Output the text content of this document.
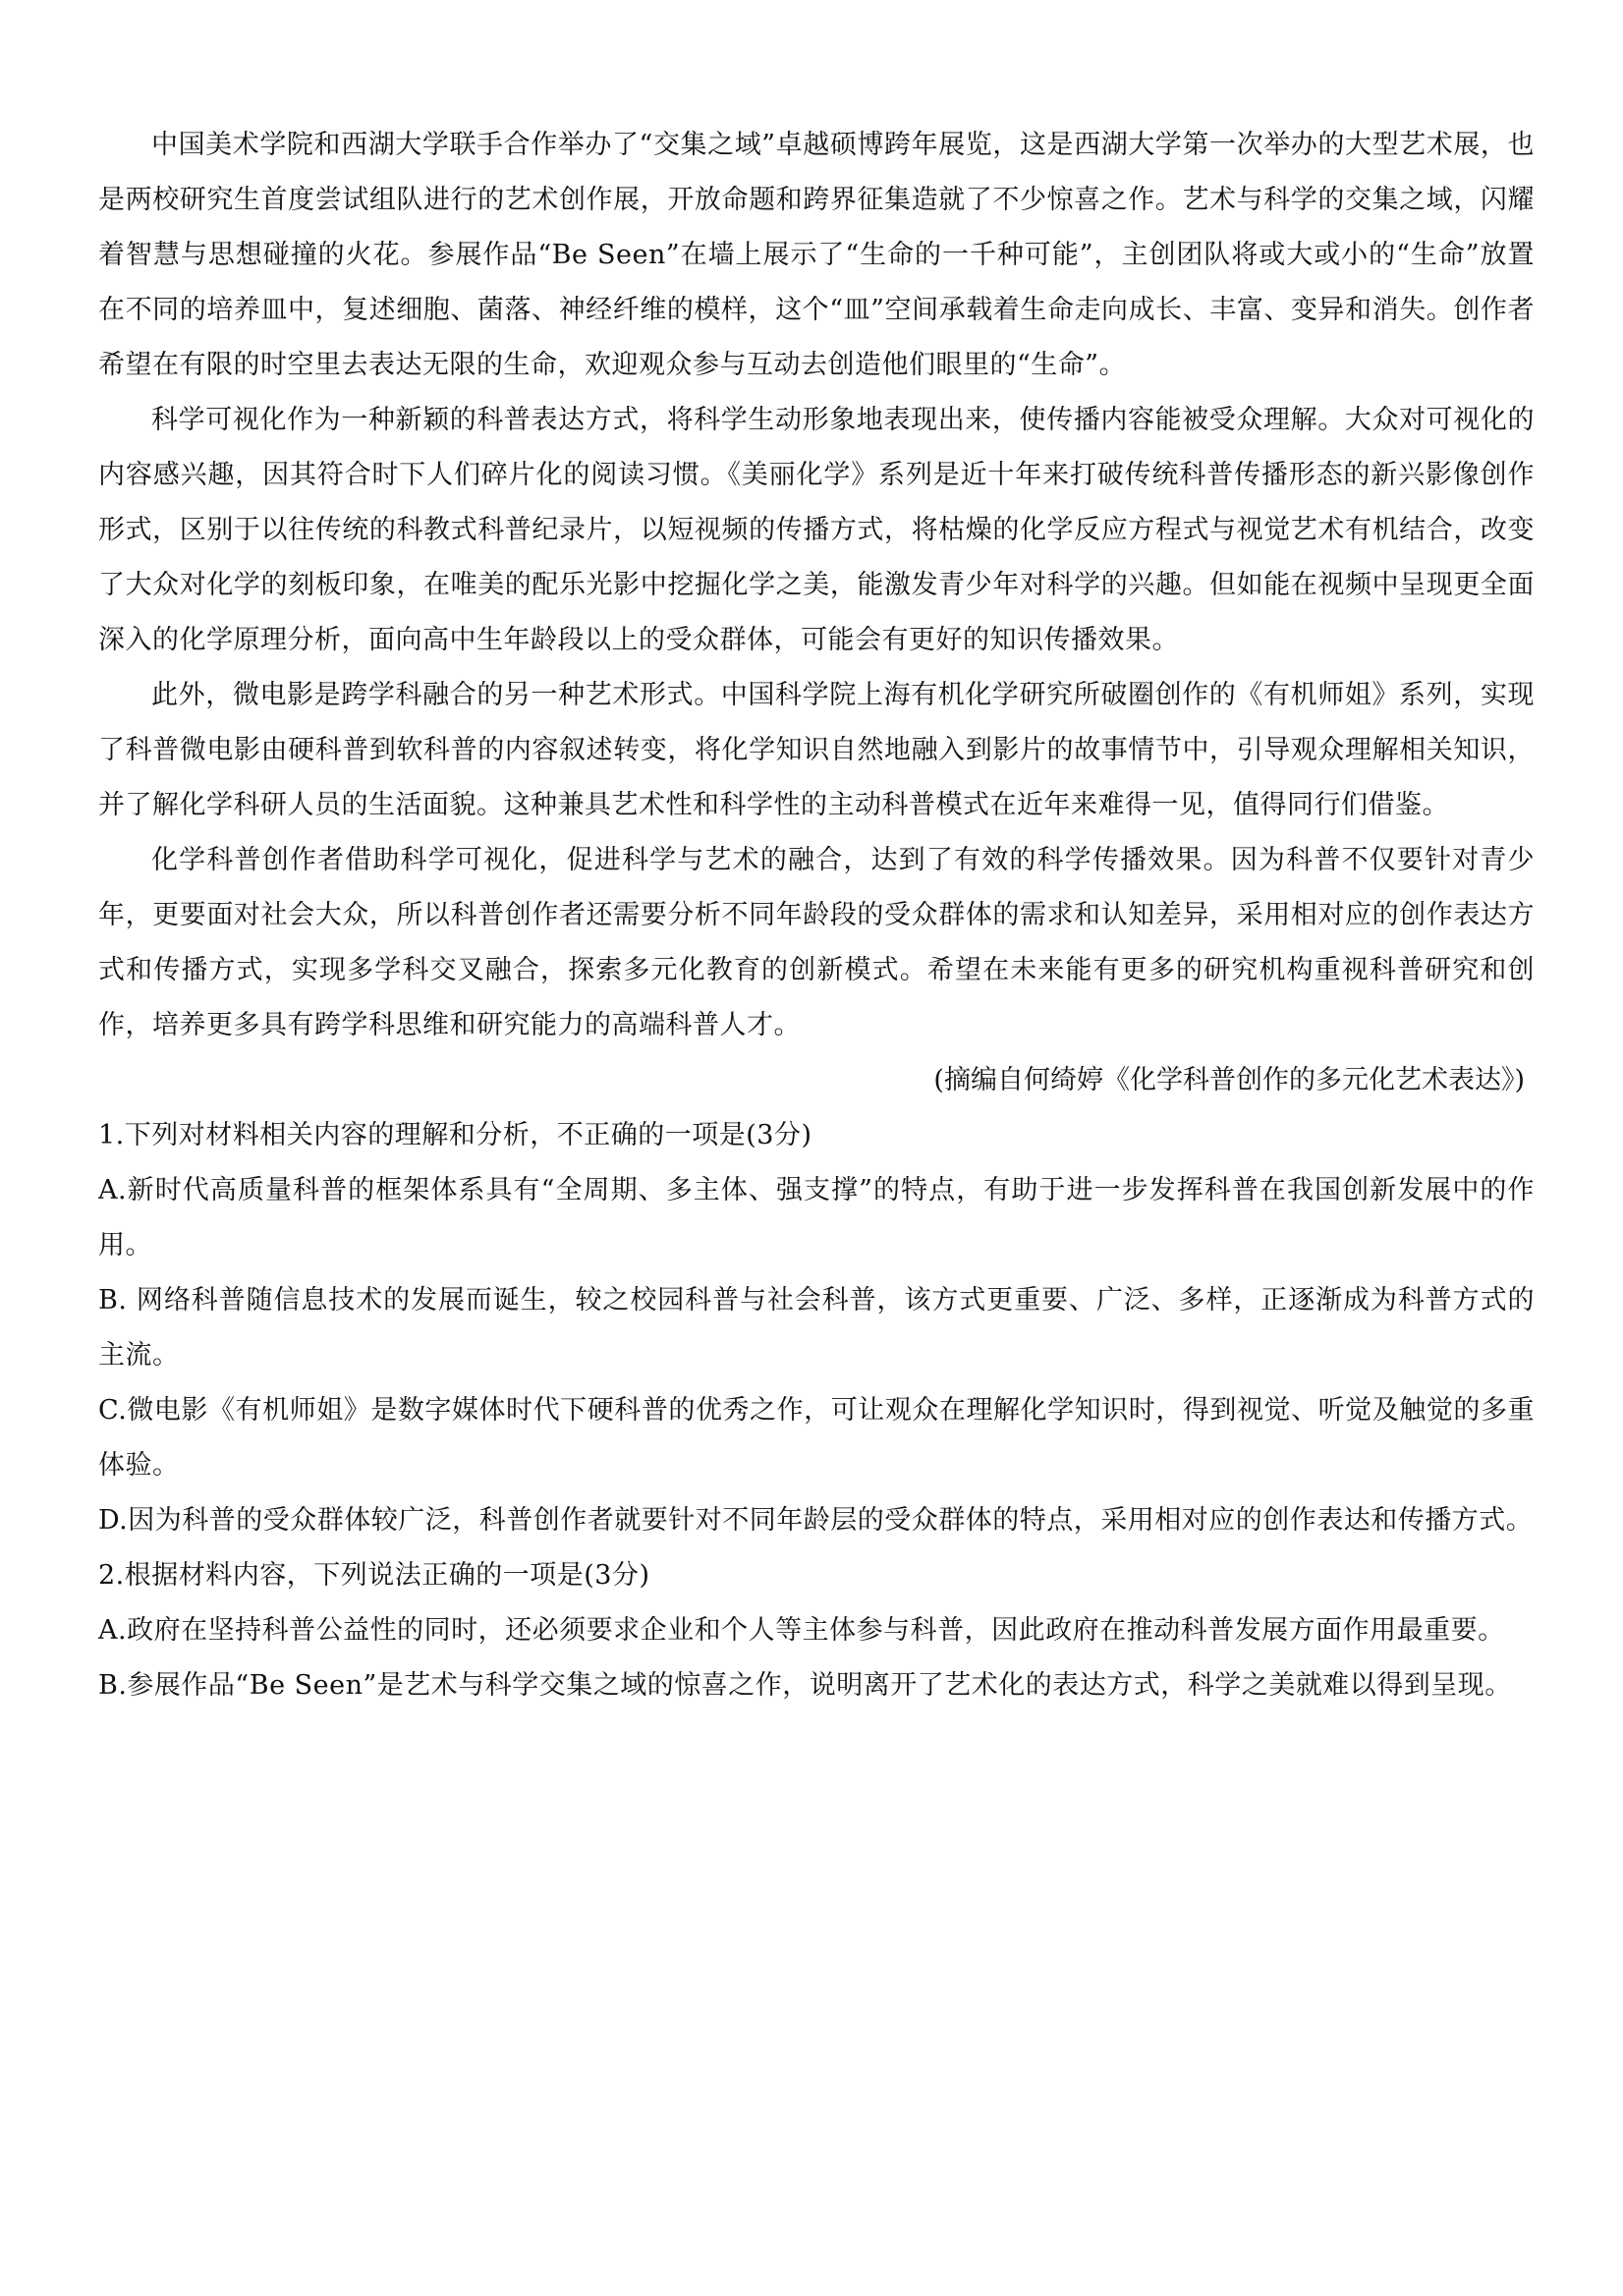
中国美术学院和西湖大学联手合作举办了“交集之域”卓越硕博跨年展览，这是西湖大学第一次举办的大型艺术展，也是两校研究生首度尝试组队进行的艺术创作展，开放命题和跨界征集造就了不少惊喜之作。艺术与科学的交集之域，闪耀着智慧与思想碰撞的火花。参展作品“Be Seen”在墙上展示了“生命的一千种可能”，主创团队将或大或小的“生命”放置在不同的培养皿中，复述细胞、菌落、神经纤维的模样，这个“皿”空间承载着生命走向成长、丰富、变异和消失。创作者希望在有限的时空里去表达无限的生命，欢迎观众参与互动去创造他们眼里的“生命”。

科学可视化作为一种新颖的科普表达方式，将科学生动形象地表现出来，使传播内容能被受众理解。大众对可视化的内容感兴趣，因其符合时下人们碎片化的阅读习惯。《美丽化学》系列是近十年来打破传统科普传播形态的新兴影像创作形式，区别于以往传统的科教式科普纪录片，以短视频的传播方式，将枯燥的化学反应方程式与视觉艺术有机结合，改变了大众对化学的刻板印象，在唯美的配乐光影中挖掘化学之美，能激发青少年对科学的兴趣。但如能在视频中呈现更全面深入的化学原理分析，面向高中生年龄段以上的受众群体，可能会有更好的知识传播效果。

此外，微电影是跨学科融合的另一种艺术形式。中国科学院上海有机化学研究所破圈创作的《有机师姐》系列，实现了科普微电影由硬科普到软科普的内容叙述转变，将化学知识自然地融入到影片的故事情节中，引导观众理解相关知识，并了解化学科研人员的生活面貌。这种兼具艺术性和科学性的主动科普模式在近年来难得一见，值得同行们借鉴。

化学科普创作者借助科学可视化，促进科学与艺术的融合，达到了有效的科学传播效果。因为科普不仅要针对青少年，更要面对社会大众，所以科普创作者还需要分析不同年龄段的受众群体的需求和认知差异，采用相对应的创作表达方式和传播方式，实现多学科交叉融合，探索多元化教育的创新模式。希望在未来能有更多的研究机构重视科普研究和创作，培养更多具有跨学科思维和研究能力的高端科普人才。

(摘编自何绮婷《化学科普创作的多元化艺术表达》)

1.下列对材料相关内容的理解和分析，不正确的一项是(3分)

A.新时代高质量科普的框架体系具有“全周期、多主体、强支撑”的特点，有助于进一步发挥科普在我国创新发展中的作用。
B. 网络科普随信息技术的发展而诞生，较之校园科普与社会科普，该方式更重要、广泛、多样，正逐渐成为科普方式的主流。
C.微电影《有机师姐》是数字媒体时代下硬科普的优秀之作，可让观众在理解化学知识时，得到视觉、听觉及触觉的多重体验。
D.因为科普的受众群体较广泛，科普创作者就要针对不同年龄层的受众群体的特点，采用相对应的创作表达和传播方式。

2.根据材料内容，下列说法正确的一项是(3分)

A.政府在坚持科普公益性的同时，还必须要求企业和个人等主体参与科普，因此政府在推动科普发展方面作用最重要。
B.参展作品“Be Seen”是艺术与科学交集之域的惊喜之作，说明离开了艺术化的表达方式，科学之美就难以得到呈现。
